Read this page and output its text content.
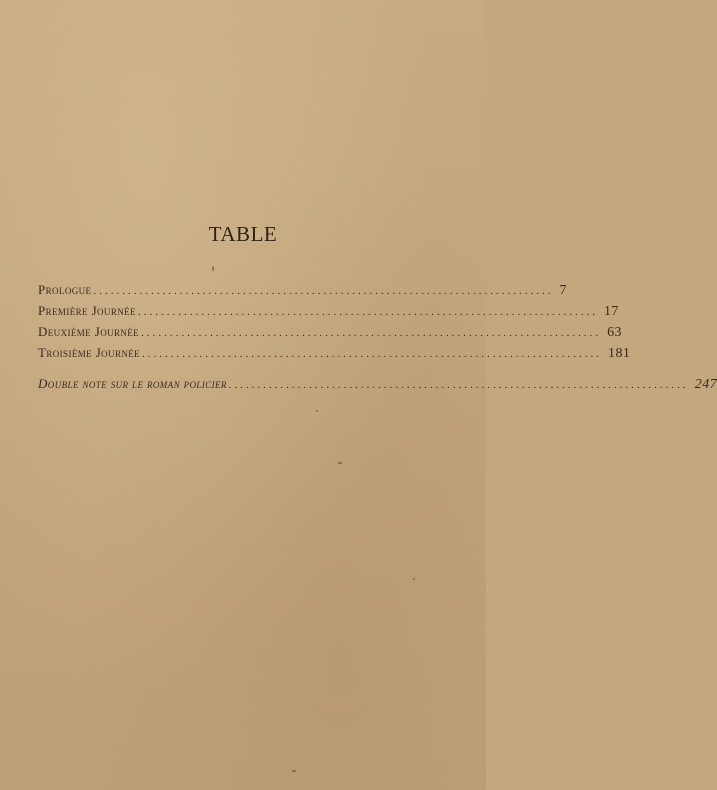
TABLE
Prologue ................................................................................ 7
Première Journée ................................................................................ 17
Deuxième Journée ................................................................................ 63
Troisième Journée ................................................................................ 181
Double note sur le roman policier ................................................................................ 247
